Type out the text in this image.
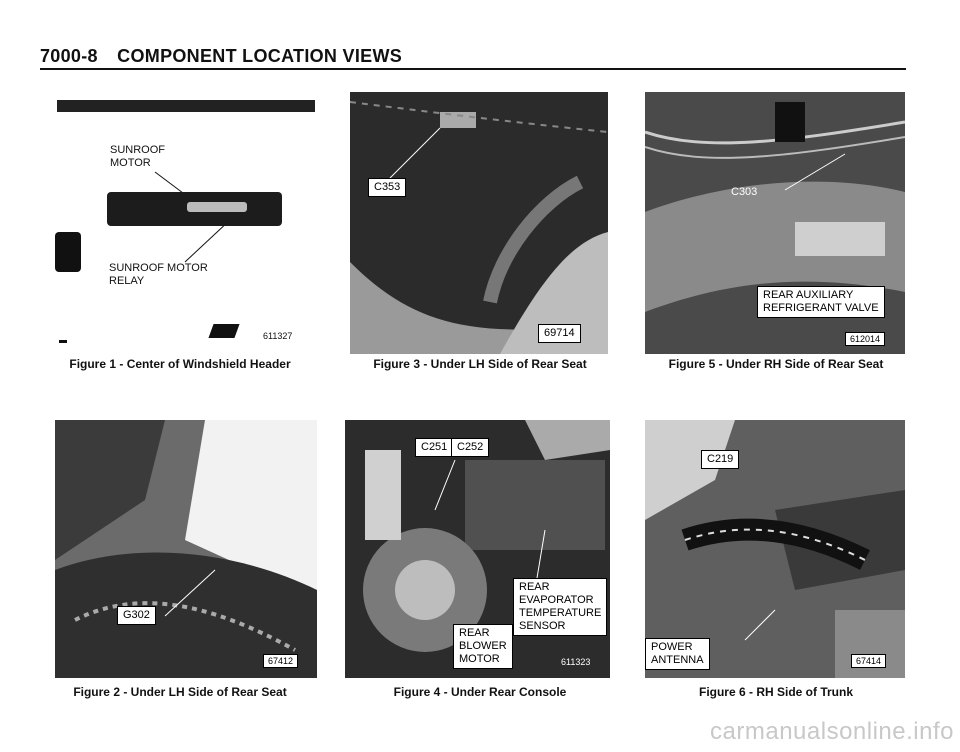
7000-8 COMPONENT LOCATION VIEWS
SUNROOF
MOTOR
SUNROOF MOTOR
RELAY
611327
Figure 1 - Center of Windshield Header
C353
69714
Figure 3 - Under LH Side of Rear Seat
C303
REAR AUXILIARY
REFRIGERANT VALVE
612014
Figure 5 - Under RH Side of Rear Seat
G302
67412
Figure 2 - Under LH Side of Rear Seat
C251 C252
REAR
EVAPORATOR
TEMPERATURE
SENSOR
REAR
BLOWER
MOTOR	611323
Figure 4 - Under Rear Console
C219
POWER
ANTENNA	67414
Figure 6 - RH Side of Trunk
carmanualsonline.info
